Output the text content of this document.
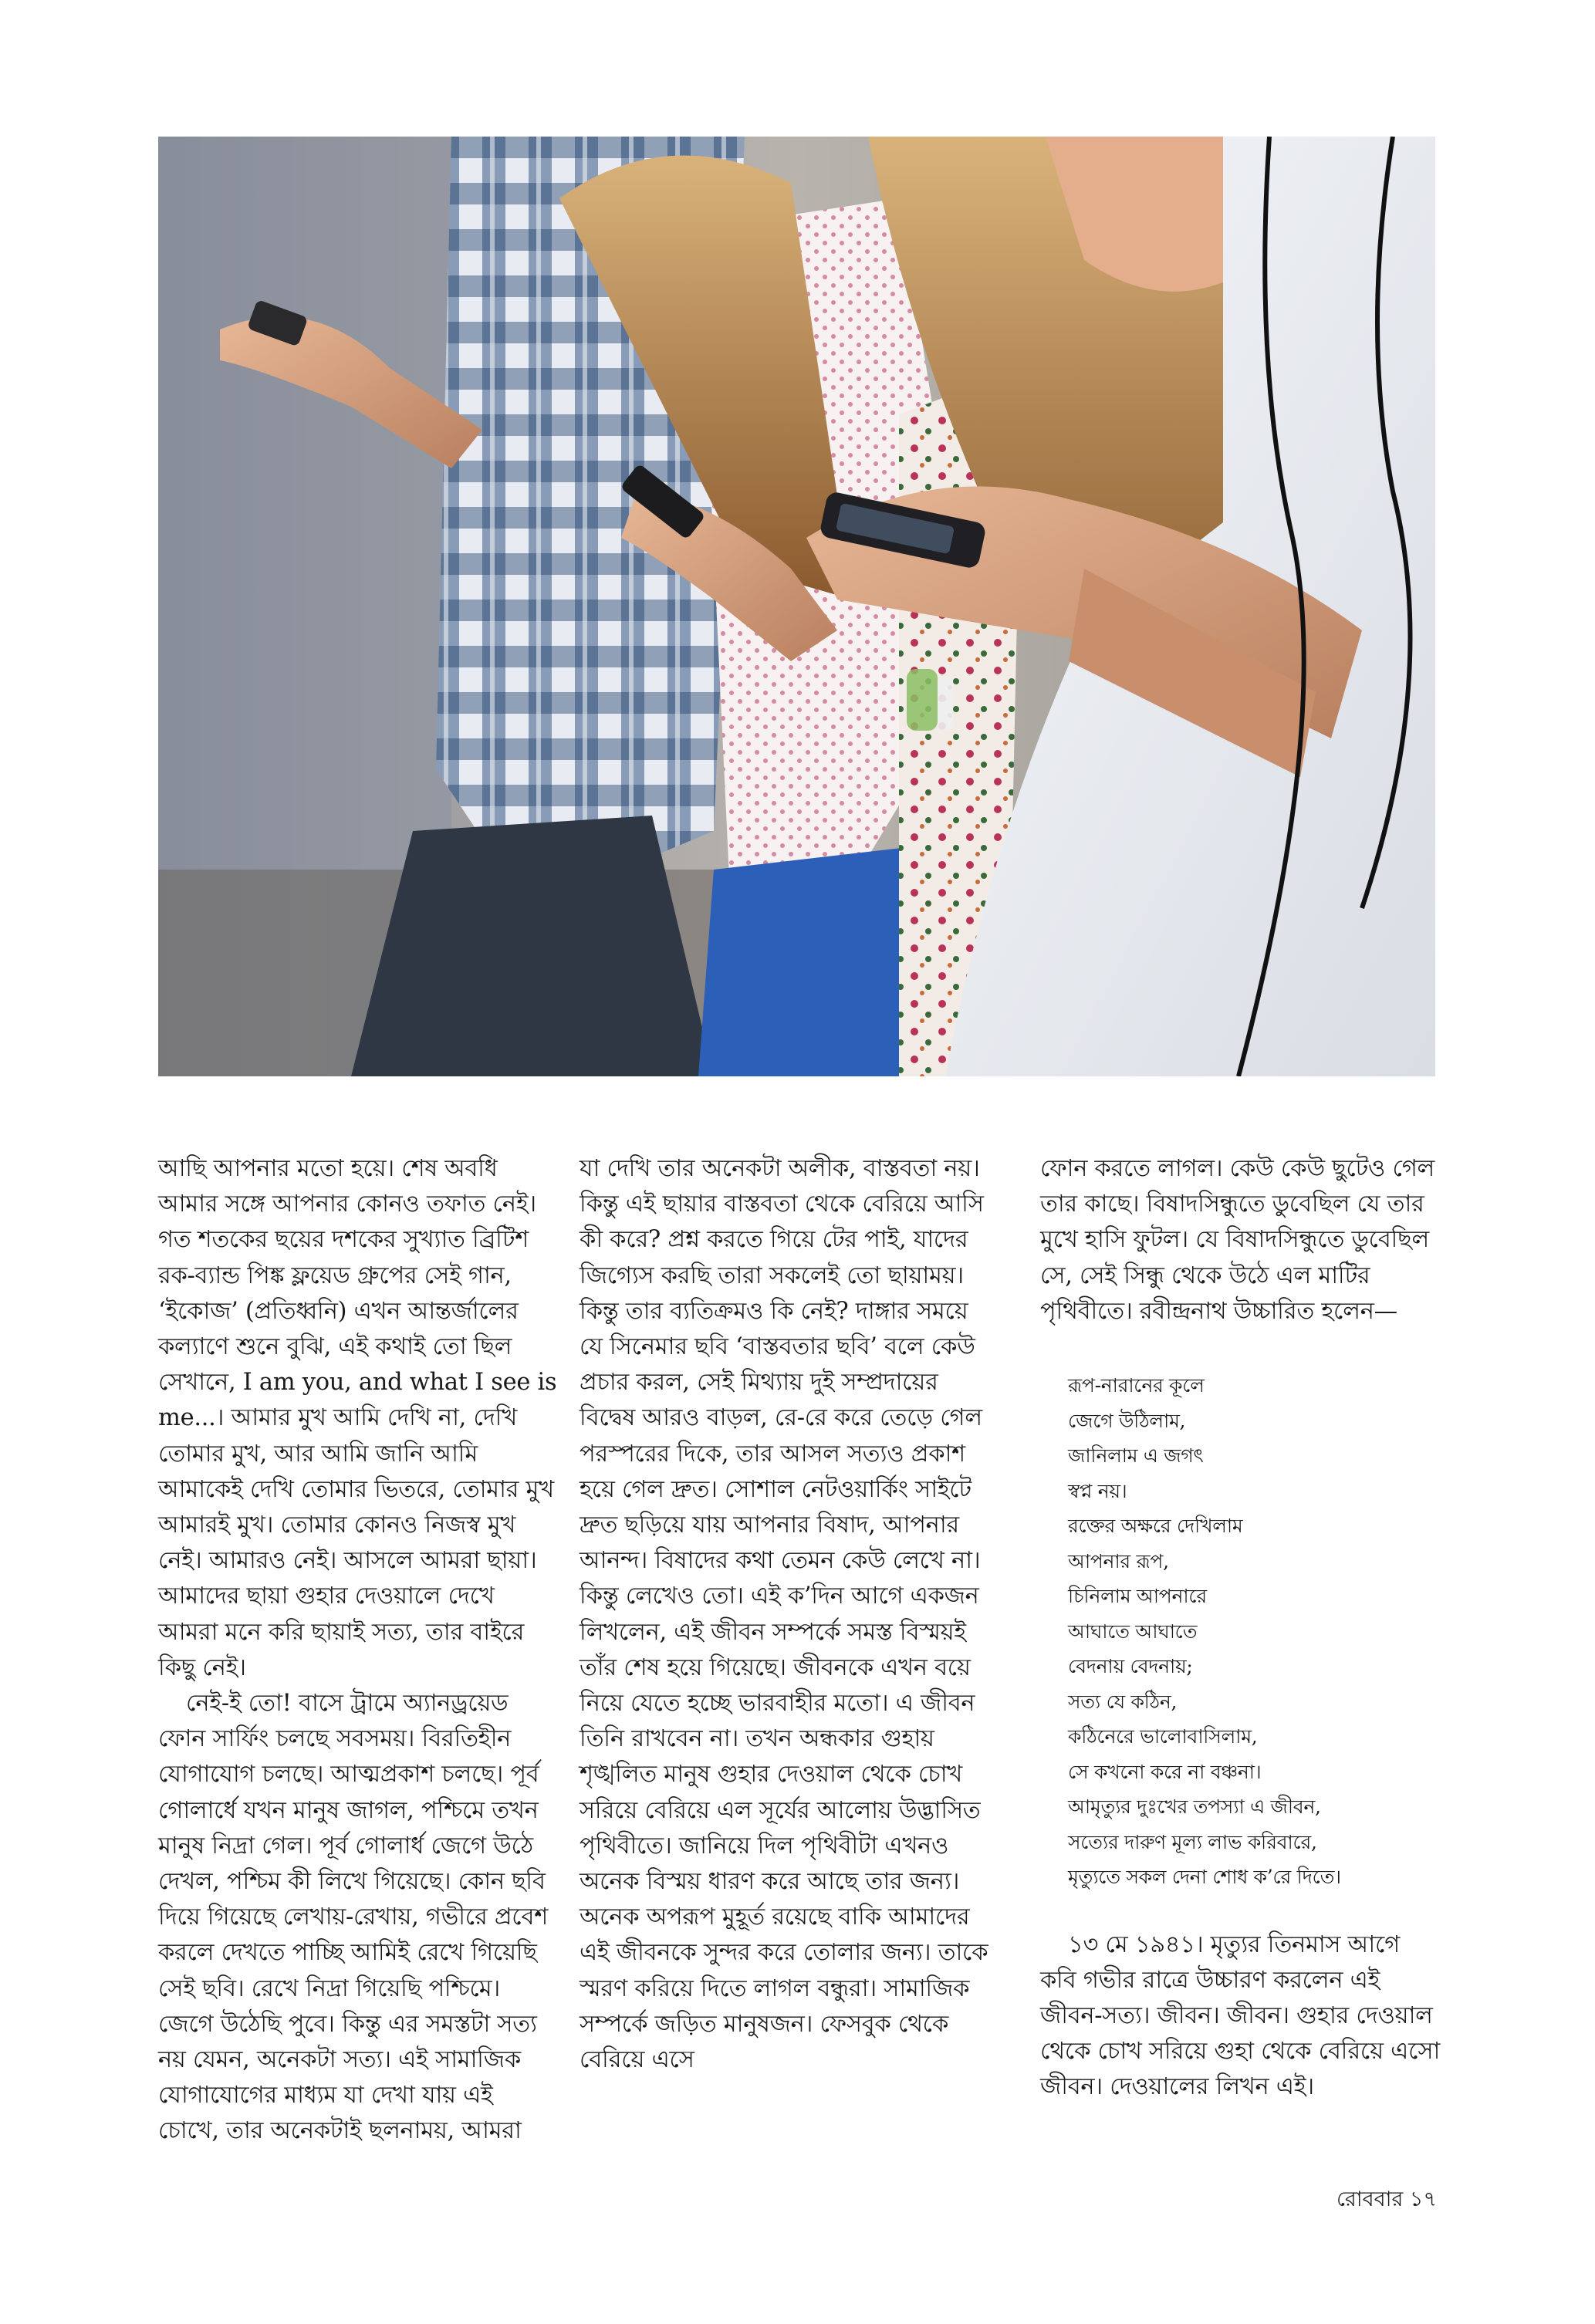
আছি আপনার মতো হয়ে। শেষ অবধি আমার সঙ্গে আপনার কোনও তফাত নেই। গত শতকের ছয়ের দশকের সুখ্যাত ব্রিটিশ রক-ব্যান্ড পিঙ্ক ফ্লয়েড গ্রুপের সেই গান, ‘ইকোজ’ (প্রতিধ্বনি) এখন আন্তর্জালের কল্যাণে শুনে বুঝি, এই কথাই তো ছিল সেখানে, I am you, and what I see is me...। আমার মুখ আমি দেখি না, দেখি তোমার মুখ, আর আমি জানি আমি আমাকেই দেখি তোমার ভিতরে, তোমার মুখ আমারই মুখ। তোমার কোনও নিজস্ব মুখ নেই। আমারও নেই। আসলে আমরা ছায়া। আমাদের ছায়া গুহার দেওয়ালে দেখে আমরা মনে করি ছায়াই সত্য, তার বাইরে কিছু নেই।

নেই-ই তো! বাসে ট্রামে অ্যানড্রয়েড ফোন সার্ফিং চলছে সবসময়। বিরতিহীন যোগাযোগ চলছে। আত্মপ্রকাশ চলছে। পূর্ব গোলার্ধে যখন মানুষ জাগল, পশ্চিমে তখন মানুষ নিদ্রা গেল। পূর্ব গোলার্ধ জেগে উঠে দেখল, পশ্চিম কী লিখে গিয়েছে। কোন ছবি দিয়ে গিয়েছে লেখায়-রেখায়, গভীরে প্রবেশ করলে দেখতে পাচ্ছি আমিই রেখে গিয়েছি সেই ছবি। রেখে নিদ্রা গিয়েছি পশ্চিমে। জেগে উঠেছি পুবে। কিন্তু এর সমস্তটা সত্য নয় যেমন, অনেকটা সত্য। এই সামাজিক যোগাযোগের মাধ্যম যা দেখা যায় এই চোখে, তার অনেকটাই ছলনাময়, আমরা

যা দেখি তার অনেকটা অলীক, বাস্তবতা নয়। কিন্তু এই ছায়ার বাস্তবতা থেকে বেরিয়ে আসি কী করে? প্রশ্ন করতে গিয়ে টের পাই, যাদের জিগ্যেস করছি তারা সকলেই তো ছায়াময়। কিন্তু তার ব্যতিক্রমও কি নেই? দাঙ্গার সময়ে যে সিনেমার ছবি ‘বাস্তবতার ছবি’ বলে কেউ প্রচার করল, সেই মিথ্যায় দুই সম্প্রদায়ের বিদ্বেষ আরও বাড়ল, রে-রে করে তেড়ে গেল পরস্পরের দিকে, তার আসল সত্যও প্রকাশ হয়ে গেল দ্রুত। সোশাল নেটওয়ার্কিং সাইটে দ্রুত ছড়িয়ে যায় আপনার বিষাদ, আপনার আনন্দ। বিষাদের কথা তেমন কেউ লেখে না। কিন্তু লেখেও তো। এই ক’দিন আগে একজন লিখলেন, এই জীবন সম্পর্কে সমস্ত বিস্ময়ই তাঁর শেষ হয়ে গিয়েছে। জীবনকে এখন বয়ে নিয়ে যেতে হচ্ছে ভারবাহীর মতো। এ জীবন তিনি রাখবেন না। তখন অন্ধকার গুহায় শৃঙ্খলিত মানুষ গুহার দেওয়াল থেকে চোখ সরিয়ে বেরিয়ে এল সূর্যের আলোয় উদ্ভাসিত পৃথিবীতে। জানিয়ে দিল পৃথিবীটা এখনও অনেক বিস্ময় ধারণ করে আছে তার জন্য। অনেক অপরূপ মুহূর্ত রয়েছে বাকি আমাদের এই জীবনকে সুন্দর করে তোলার জন্য। তাকে স্মরণ করিয়ে দিতে লাগল বন্ধুরা। সামাজিক সম্পর্কে জড়িত মানুষজন। ফেসবুক থেকে বেরিয়ে এসে

ফোন করতে লাগল। কেউ কেউ ছুটেও গেল তার কাছে। বিষাদসিন্ধুতে ডুবেছিল যে তার মুখে হাসি ফুটল। যে বিষাদসিন্ধুতে ডুবেছিল সে, সেই সিন্ধু থেকে উঠে এল মাটির পৃথিবীতে। রবীন্দ্রনাথ উচ্চারিত হলেন—

রূপ-নারানের কূলে
জেগে উঠিলাম,
জানিলাম এ জগৎ
স্বপ্ন নয়।
রক্তের অক্ষরে দেখিলাম
আপনার রূপ,
চিনিলাম আপনারে
আঘাতে আঘাতে
বেদনায় বেদনায়;
সত্য যে কঠিন,
কঠিনেরে ভালোবাসিলাম,
সে কখনো করে না বঞ্চনা।
আমৃত্যুর দুঃখের তপস্যা এ জীবন,
সত্যের দারুণ মূল্য লাভ করিবারে,
মৃত্যুতে সকল দেনা শোধ ক’রে দিতে।

১৩ মে ১৯৪১। মৃত্যুর তিনমাস আগে কবি গভীর রাত্রে উচ্চারণ করলেন এই জীবন-সত্য। জীবন। জীবন। গুহার দেওয়াল থেকে চোখ সরিয়ে গুহা থেকে বেরিয়ে এসো জীবন। দেওয়ালের লিখন এই।

রোববার ১৭
